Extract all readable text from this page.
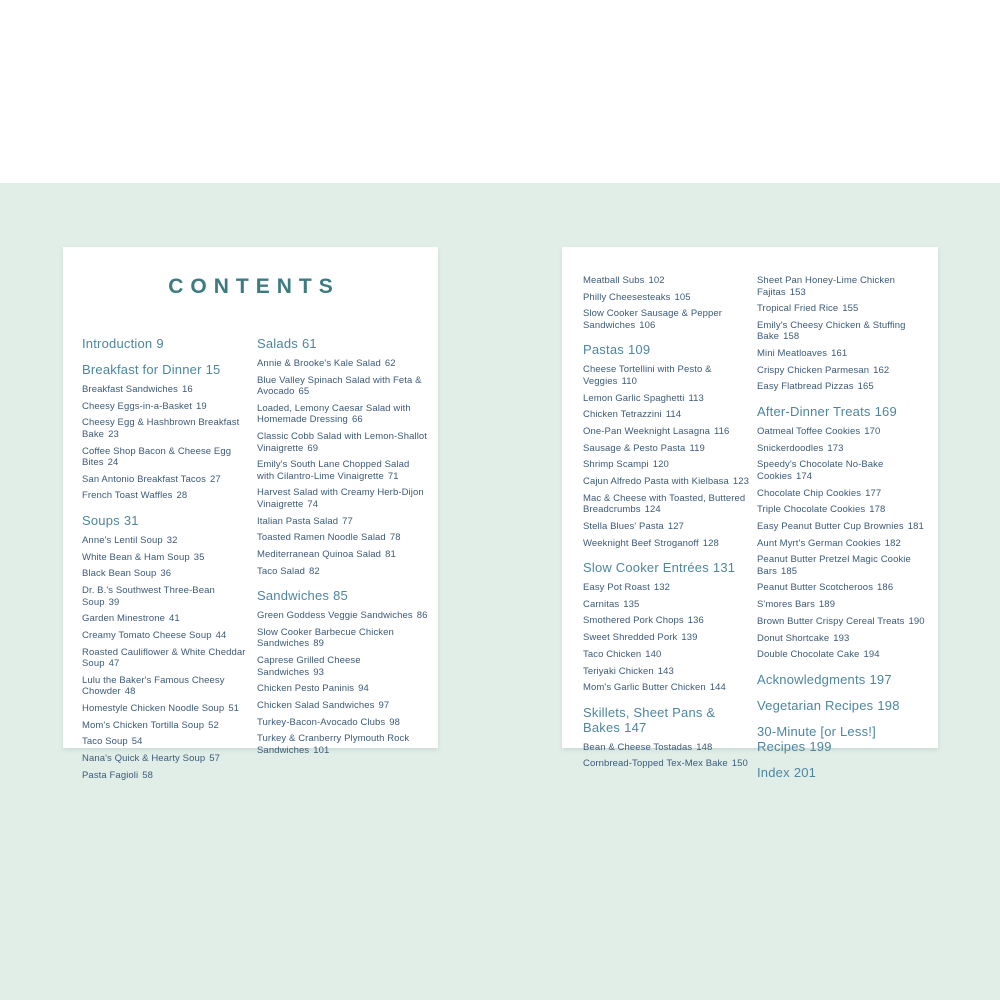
CONTENTS
Introduction 9
Breakfast for Dinner 15
Breakfast Sandwiches 16
Cheesy Eggs-in-a-Basket 19
Cheesy Egg & Hashbrown Breakfast Bake 23
Coffee Shop Bacon & Cheese Egg Bites 24
San Antonio Breakfast Tacos 27
French Toast Waffles 28
Soups 31
Anne's Lentil Soup 32
White Bean & Ham Soup 35
Black Bean Soup 36
Dr. B.'s Southwest Three-Bean Soup 39
Garden Minestrone 41
Creamy Tomato Cheese Soup 44
Roasted Cauliflower & White Cheddar Soup 47
Lulu the Baker's Famous Cheesy Chowder 48
Homestyle Chicken Noodle Soup 51
Mom's Chicken Tortilla Soup 52
Taco Soup 54
Nana's Quick & Hearty Soup 57
Pasta Fagioli 58
Salads 61
Annie & Brooke's Kale Salad 62
Blue Valley Spinach Salad with Feta & Avocado 65
Loaded, Lemony Caesar Salad with Homemade Dressing 66
Classic Cobb Salad with Lemon-Shallot Vinaigrette 69
Emily's South Lane Chopped Salad with Cilantro-Lime Vinaigrette 71
Harvest Salad with Creamy Herb-Dijon Vinaigrette 74
Italian Pasta Salad 77
Toasted Ramen Noodle Salad 78
Mediterranean Quinoa Salad 81
Taco Salad 82
Sandwiches 85
Green Goddess Veggie Sandwiches 86
Slow Cooker Barbecue Chicken Sandwiches 89
Caprese Grilled Cheese Sandwiches 93
Chicken Pesto Paninis 94
Chicken Salad Sandwiches 97
Turkey-Bacon-Avocado Clubs 98
Turkey & Cranberry Plymouth Rock Sandwiches 101
Meatball Subs 102
Philly Cheesesteaks 105
Slow Cooker Sausage & Pepper Sandwiches 106
Pastas 109
Cheese Tortellini with Pesto & Veggies 110
Lemon Garlic Spaghetti 113
Chicken Tetrazzini 114
One-Pan Weeknight Lasagna 116
Sausage & Pesto Pasta 119
Shrimp Scampi 120
Cajun Alfredo Pasta with Kielbasa 123
Mac & Cheese with Toasted, Buttered Breadcrumbs 124
Stella Blues' Pasta 127
Weeknight Beef Stroganoff 128
Slow Cooker Entrées 131
Easy Pot Roast 132
Carnitas 135
Smothered Pork Chops 136
Sweet Shredded Pork 139
Taco Chicken 140
Teriyaki Chicken 143
Mom's Garlic Butter Chicken 144
Skillets, Sheet Pans & Bakes 147
Bean & Cheese Tostadas 148
Cornbread-Topped Tex-Mex Bake 150
Sheet Pan Honey-Lime Chicken Fajitas 153
Tropical Fried Rice 155
Emily's Cheesy Chicken & Stuffing Bake 158
Mini Meatloaves 161
Crispy Chicken Parmesan 162
Easy Flatbread Pizzas 165
After-Dinner Treats 169
Oatmeal Toffee Cookies 170
Snickerdoodles 173
Speedy's Chocolate No-Bake Cookies 174
Chocolate Chip Cookies 177
Triple Chocolate Cookies 178
Easy Peanut Butter Cup Brownies 181
Aunt Myrt's German Cookies 182
Peanut Butter Pretzel Magic Cookie Bars 185
Peanut Butter Scotcheroos 186
S'mores Bars 189
Brown Butter Crispy Cereal Treats 190
Donut Shortcake 193
Double Chocolate Cake 194
Acknowledgments 197
Vegetarian Recipes 198
30-Minute [or Less!] Recipes 199
Index 201
